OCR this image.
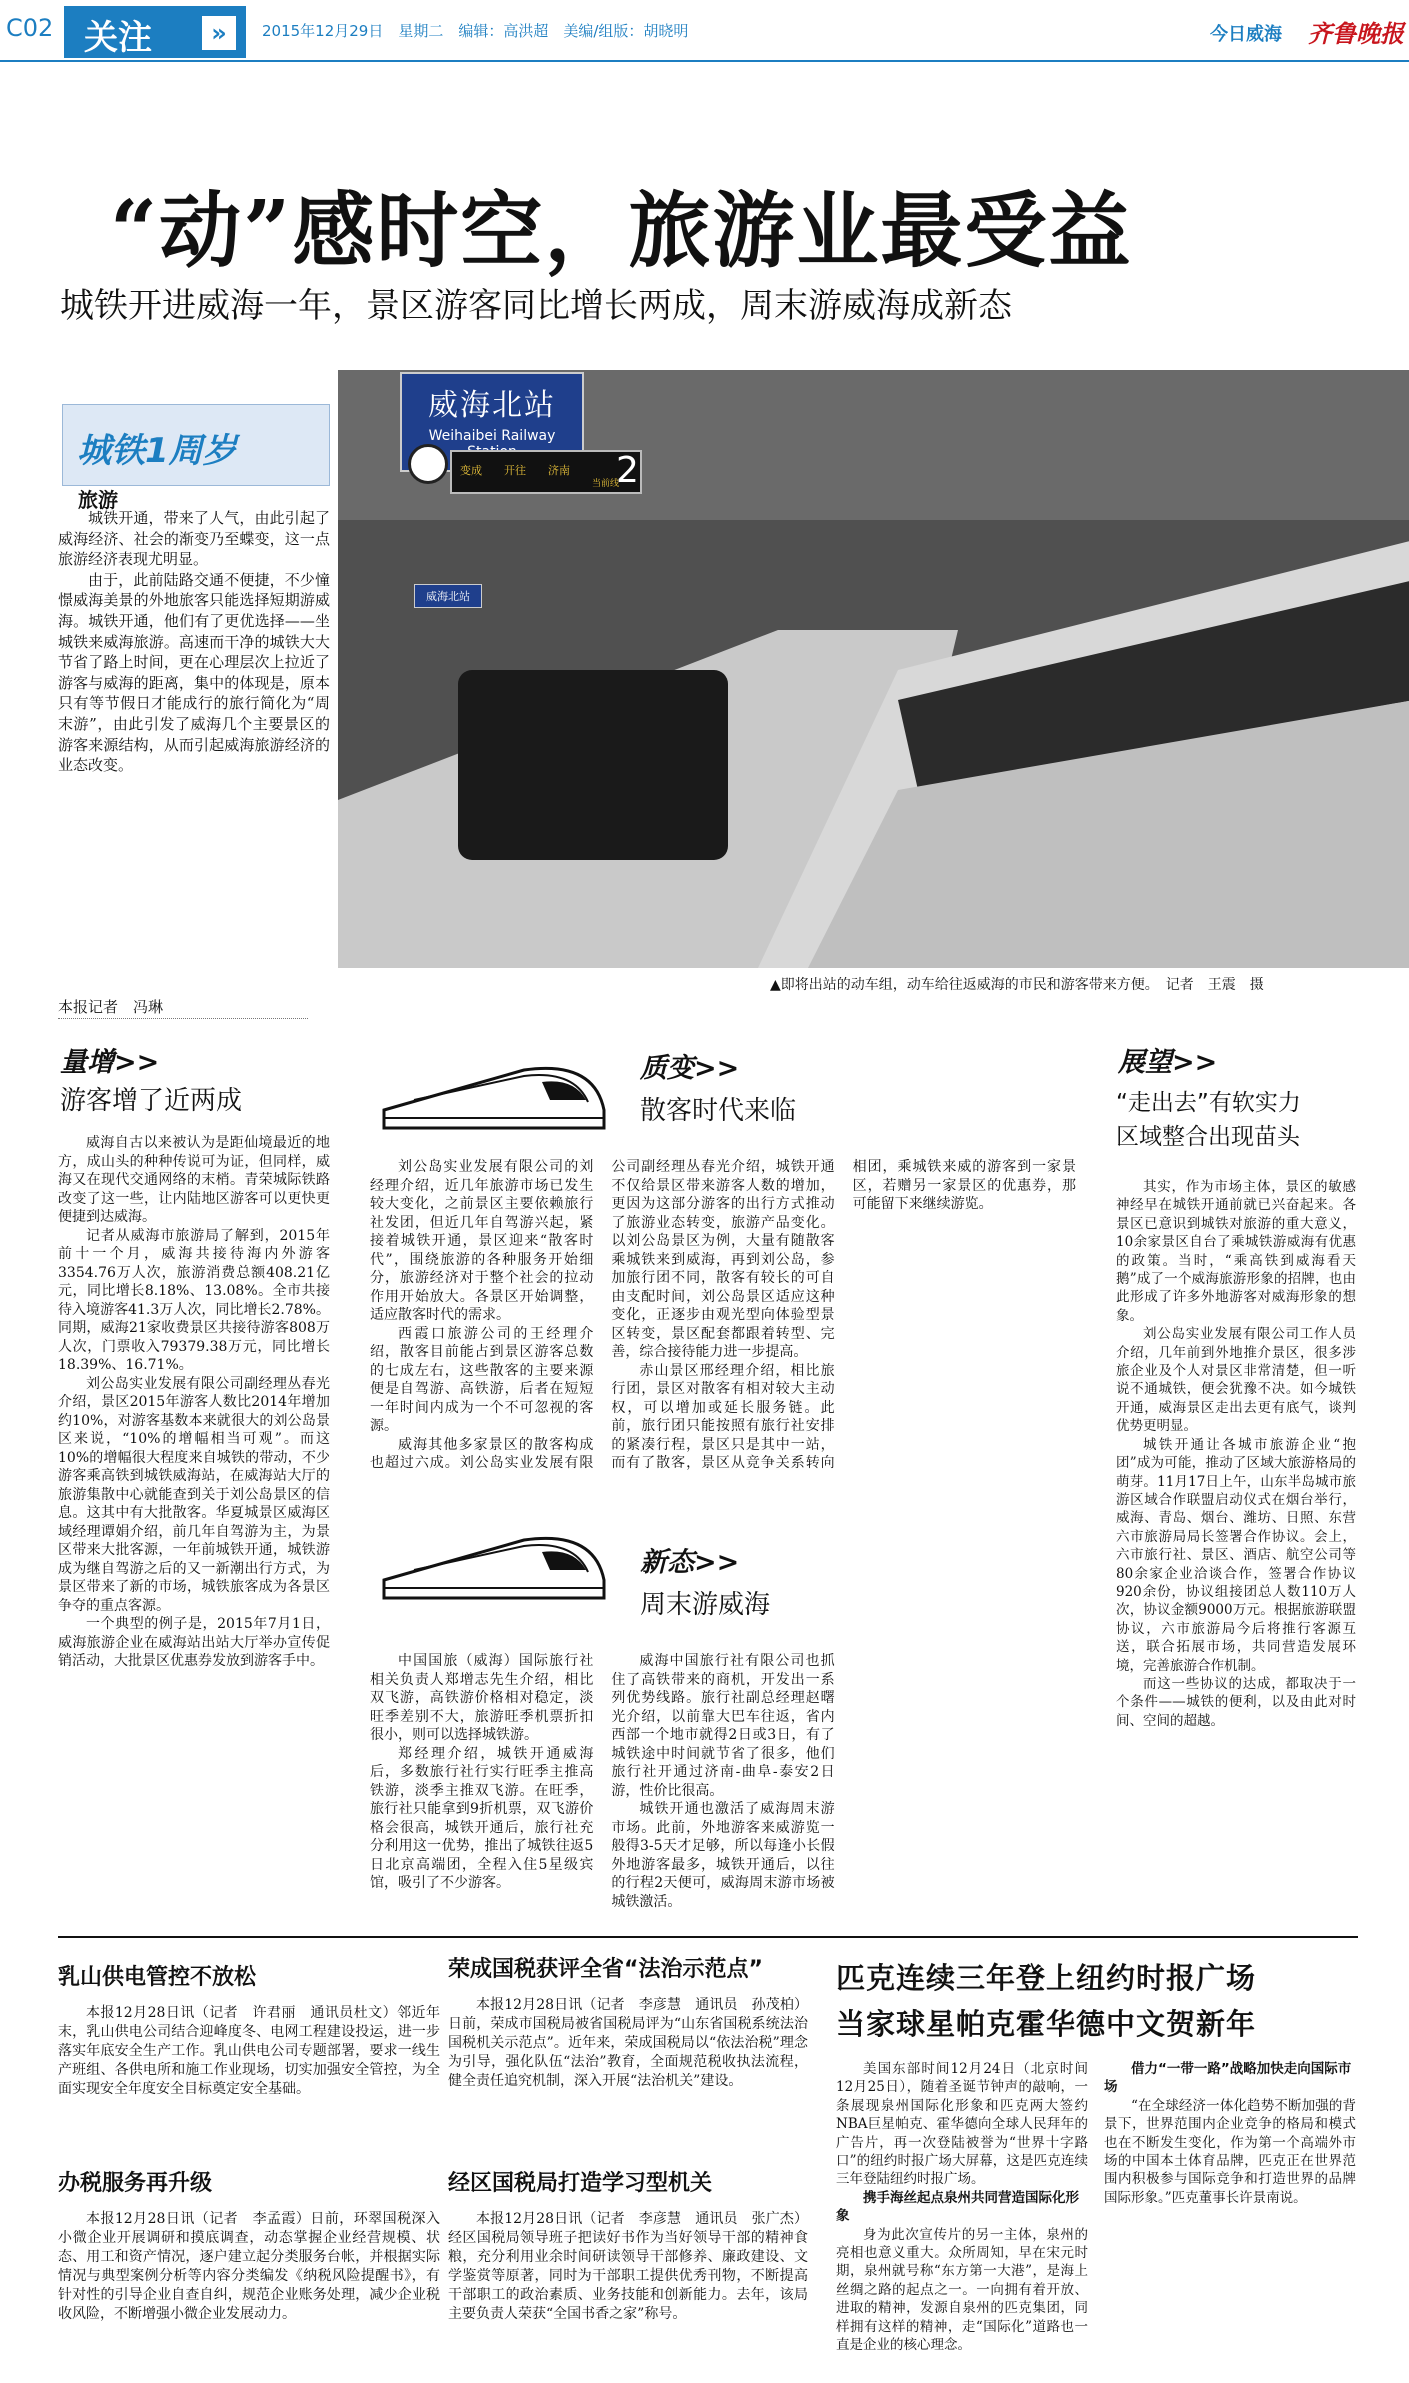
C02 关注	»	2015年12月29日　星期二　编辑：高洪超　美编/组版：胡晓明	今日威海 齐鲁晚报
“动”感时空，旅游业最受益
城铁开进威海一年，景区游客同比增长两成，周末游威海成新态
城铁1周岁
旅游
威海北站
Weihaibei Railway
变成 开往 济南
当前线
2
威海北站
▲即将出站的动车组，动车给往返威海的市民和游客带来方便。　记者　王震　摄

城铁开通，带来了人气，由此引起了威海经济、社会的渐变乃至蝶变，这一点旅游经济表现尤明显。

由于，此前陆路交通不便捷，不少憧憬威海美景的外地旅客只能选择短期游威海。城铁开通，他们有了更优选择——坐城铁来威海旅游。高速而干净的城铁大大节省了路上时间，更在心理层次上拉近了游客与威海的距离，集中的体现是，原本只有等节假日才能成行的旅行简化为“周末游”，由此引发了威海几个主要景区的游客来源结构，从而引起威海旅游经济的业态改变。

本报记者　冯琳
量增>>
游客增了近两成

威海自古以来被认为是距仙境最近的地方，成山头的种种传说可为证，但同样，威海又在现代交通网络的末梢。青荣城际铁路改变了这一些，让内陆地区游客可以更快更便捷到达威海。

记者从威海市旅游局了解到，2015年前十一个月，威海共接待海内外游客3354.76万人次，旅游消费总额408.21亿元，同比增长8.18%、13.08%。全市共接待入境游客41.3万人次，同比增长2.78%。同期，威海21家收费景区共接待游客808万人次，门票收入79379.38万元，同比增长18.39%、16.71%。

刘公岛实业发展有限公司副经理丛春光介绍，景区2015年游客人数比2014年增加约10%，对游客基数本来就很大的刘公岛景区来说，“10%的增幅相当可观”。而这10%的增幅很大程度来自城铁的带动，不少游客乘高铁到城铁威海站，在威海站大厅的旅游集散中心就能查到关于刘公岛景区的信息。这其中有大批散客。华夏城景区威海区域经理谭娟介绍，前几年自驾游为主，为景区带来大批客源，一年前城铁开通，城铁游成为继自驾游之后的又一新潮出行方式，为景区带来了新的市场，城铁旅客成为各景区争夺的重点客源。

一个典型的例子是，2015年7月1日，威海旅游企业在威海站出站大厅举办宣传促销活动，大批景区优惠券发放到游客手中。

质变>>
散客时代来临

刘公岛实业发展有限公司的刘经理介绍，近几年旅游市场已发生较大变化，之前景区主要依赖旅行社发团，但近几年自驾游兴起，紧接着城铁开通，景区迎来“散客时代”，围绕旅游的各种服务开始细分，旅游经济对于整个社会的拉动作用开始放大。各景区开始调整，适应散客时代的需求。

西霞口旅游公司的王经理介绍，散客目前能占到景区游客总数的七成左右，这些散客的主要来源便是自驾游、高铁游，后者在短短一年时间内成为一个不可忽视的客源。

威海其他多家景区的散客构成也超过六成。刘公岛实业发展有限公司副经理丛春光介绍，城铁开通不仅给景区带来游客人数的增加，更因为这部分游客的出行方式推动了旅游业态转变，旅游产品变化。以刘公岛景区为例，大量有随散客乘城铁来到威海，再到刘公岛，参加旅行团不同，散客有较长的可自由支配时间，刘公岛景区适应这种变化，正逐步由观光型向体验型景区转变，景区配套都跟着转型、完善，综合接待能力进一步提高。

赤山景区邢经理介绍，相比旅行团，景区对散客有相对较大主动权，可以增加或延长服务链。此前，旅行团只能按照有旅行社安排的紧凑行程，景区只是其中一站，而有了散客，景区从竞争关系转向相团，乘城铁来威的游客到一家景区，若赠另一家景区的优惠券，那可能留下来继续游览。

新态>>
周末游威海

中国国旅（威海）国际旅行社相关负责人郑增志先生介绍，相比双飞游，高铁游价格相对稳定，淡旺季差别不大，旅游旺季机票折扣很小，则可以选择城铁游。

郑经理介绍，城铁开通威海后，多数旅行社行实行旺季主推高铁游，淡季主推双飞游。在旺季，旅行社只能拿到9折机票，双飞游价格会很高，城铁开通后，旅行社充分利用这一优势，推出了城铁往返5日北京高端团，全程入住5星级宾馆，吸引了不少游客。

威海中国旅行社有限公司也抓住了高铁带来的商机，开发出一系列优势线路。旅行社副总经理赵曙光介绍，以前靠大巴车往返，省内西部一个地市就得2日或3日，有了城铁途中时间就节省了很多，他们旅行社开通过济南-曲阜-泰安2日游，性价比很高。

城铁开通也激活了威海周末游市场。此前，外地游客来威游览一般得3-5天才足够，所以每逢小长假外地游客最多，城铁开通后，以往的行程2天便可，威海周末游市场被城铁激活。

展望>>
“走出去”有软实力
区域整合出现苗头

其实，作为市场主体，景区的敏感神经早在城铁开通前就已兴奋起来。各景区已意识到城铁对旅游的重大意义，10余家景区自台了乘城铁游威海有优惠的政策。当时，“乘高铁到威海看天鹅”成了一个威海旅游形象的招牌，也由此形成了许多外地游客对威海形象的想象。

刘公岛实业发展有限公司工作人员介绍，几年前到外地推介景区，很多涉旅企业及个人对景区非常清楚，但一听说不通城铁，便会犹豫不决。如今城铁开通，威海景区走出去更有底气，谈判优势更明显。

城铁开通让各城市旅游企业“抱团”成为可能，推动了区域大旅游格局的萌芽。11月17日上午，山东半岛城市旅游区域合作联盟启动仪式在烟台举行，威海、青岛、烟台、潍坊、日照、东营六市旅游局局长签署合作协议。会上，六市旅行社、景区、酒店、航空公司等80余家企业洽谈合作，签署合作协议920余份，协议组接团总人数110万人次，协议金额9000万元。根据旅游联盟协议，六市旅游局今后将推行客源互送，联合拓展市场，共同营造发展环境，完善旅游合作机制。

而这一些协议的达成，都取决于一个条件——城铁的便利，以及由此对时间、空间的超越。

乳山供电管控不放松
本报12月28日讯（记者　许君丽　通讯员杜文）邻近年末，乳山供电公司结合迎峰度冬、电网工程建设投运，进一步落实年底安全生产工作。乳山供电公司专题部署，要求一线生产班组、各供电所和施工作业现场，切实加强安全管控，为全面实现安全年度安全目标奠定安全基础。
办税服务再升级
本报12月28日讯（记者　李孟霞）日前，环翠国税深入小微企业开展调研和摸底调查，动态掌握企业经营规模、状态、用工和资产情况，逐户建立起分类服务台帐，并根据实际情况与典型案例分析等内容分类编发《纳税风险提醒书》，有针对性的引导企业自查自纠，规范企业账务处理，减少企业税收风险，不断增强小微企业发展动力。
荣成国税获评全省“法治示范点”
本报12月28日讯（记者　李彦慧　通讯员　孙茂柏）日前，荣成市国税局被省国税局评为“山东省国税系统法治国税机关示范点”。近年来，荣成国税局以“依法治税”理念为引导，强化队伍“法治”教育，全面规范税收执法流程，健全责任追究机制，深入开展“法治机关”建设。
经区国税局打造学习型机关
本报12月28日讯（记者　李彦慧　通讯员　张广杰）经区国税局领导班子把读好书作为当好领导干部的精神食粮，充分利用业余时间研读领导干部修养、廉政建设、文学鉴赏等原著，同时为干部职工提供优秀刊物，不断提高干部职工的政治素质、业务技能和创新能力。去年，该局主要负责人荣获“全国书香之家”称号。
匹克连续三年登上纽约时报广场
当家球星帕克霍华德中文贺新年

美国东部时间12月24日（北京时间12月25日），随着圣诞节钟声的敲响，一条展现泉州国际化形象和匹克两大签约NBA巨星帕克、霍华德向全球人民拜年的广告片，再一次登陆被誉为“世界十字路口”的纽约时报广场大屏幕，这是匹克连续三年登陆纽约时报广场。

携手海丝起点泉州共同营造国际化形象

身为此次宣传片的另一主体，泉州的亮相也意义重大。众所周知，早在宋元时期，泉州就号称“东方第一大港”，是海上丝绸之路的起点之一。一向拥有着开放、进取的精神，发源自泉州的匹克集团，同样拥有这样的精神，走“国际化”道路也一直是企业的核心理念。

借力“一带一路”战略加快走向国际市场

“在全球经济一体化趋势不断加强的背景下，世界范围内企业竞争的格局和模式也在不断发生变化，作为第一个高端外市场的中国本土体育品牌，匹克正在世界范围内积极参与国际竞争和打造世界的品牌国际形象。”匹克董事长许景南说。
